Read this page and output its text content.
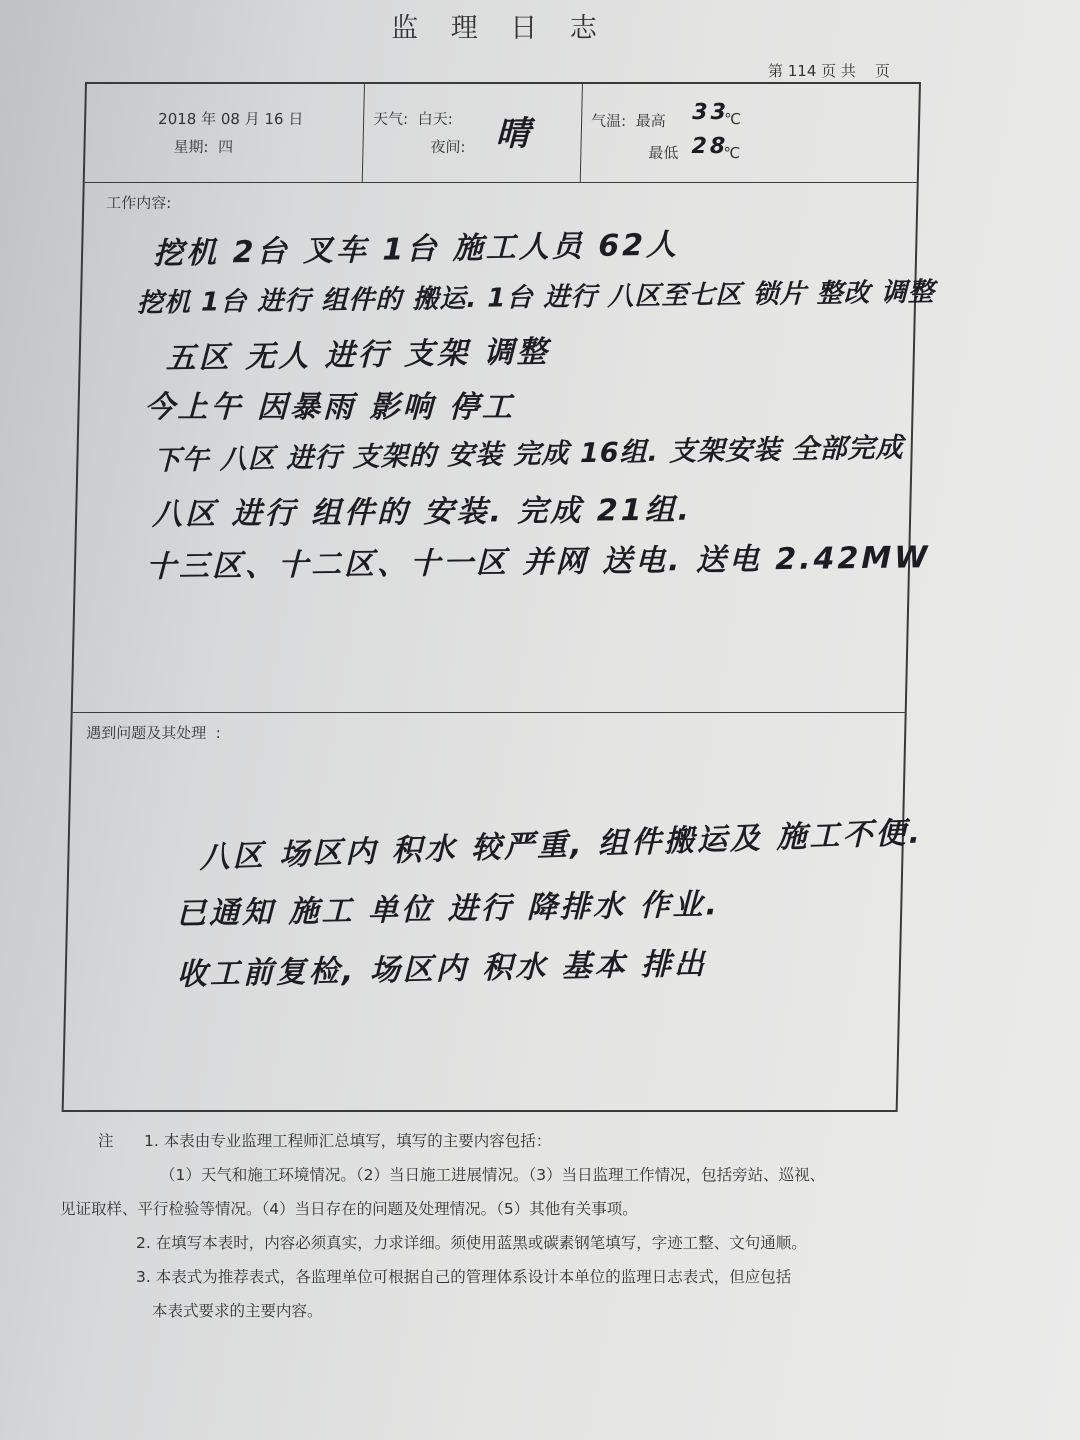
监 理 日 志
第 114 页 共    页
2018 年 08 月 16 日
星期:  四
天气:  白天:
夜间: 晴	气温:  最高 33
℃
最低 28
℃
工作内容:
挖机 2台 叉车 1台 施工人员 62人
挖机 1台 进行 组件的 搬运. 1台 进行 八区至七区 锁片 整改 调整
五区 无人 进行 支架 调整
今上午 因暴雨 影响 停工
下午 八区 进行 支架的 安装 完成 16组. 支架安装 全部完成
八区 进行 组件的 安装. 完成 21组.
十三区、十二区、十一区 并网 送电. 送电 2.42MW
遇到问题及其处理  :
八区 场区内 积水 较严重, 组件搬运及 施工不便.
已通知 施工 单位 进行 降排水 作业.
收工前复检, 场区内 积水 基本 排出
注 1. 本表由专业监理工程师汇总填写，填写的主要内容包括：
（1）天气和施工环境情况。（2）当日施工进展情况。（3）当日监理工作情况，包括旁站、巡视、
见证取样、平行检验等情况。（4）当日存在的问题及处理情况。（5）其他有关事项。
2. 在填写本表时，内容必须真实，力求详细。须使用蓝黑或碳素钢笔填写，字迹工整、文句通顺。
3. 本表式为推荐表式，各监理单位可根据自己的管理体系设计本单位的监理日志表式，但应包括
本表式要求的主要内容。
